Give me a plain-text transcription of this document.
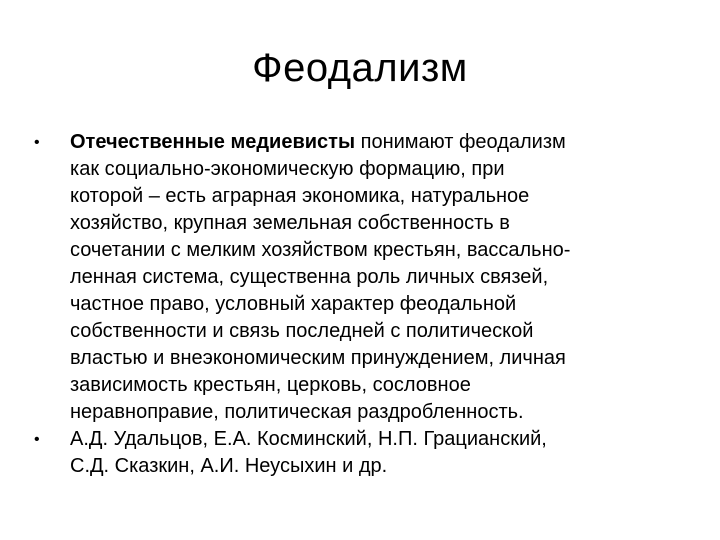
Феодализм
•	Отечественные медиевисты понимают феодализм
как социально-экономическую формацию, при
которой – есть аграрная экономика, натуральное
хозяйство, крупная земельная собственность в
сочетании с мелким хозяйством крестьян, вассально-
ленная система, существенна роль личных связей,
частное право, условный характер феодальной
собственности и связь последней с политической
властью и внеэкономическим принуждением, личная
зависимость крестьян, церковь, сословное
неравноправие, политическая раздробленность.
•	А.Д. Удальцов, Е.А. Косминский, Н.П. Грацианский,
С.Д. Сказкин, А.И. Неусыхин и др.
